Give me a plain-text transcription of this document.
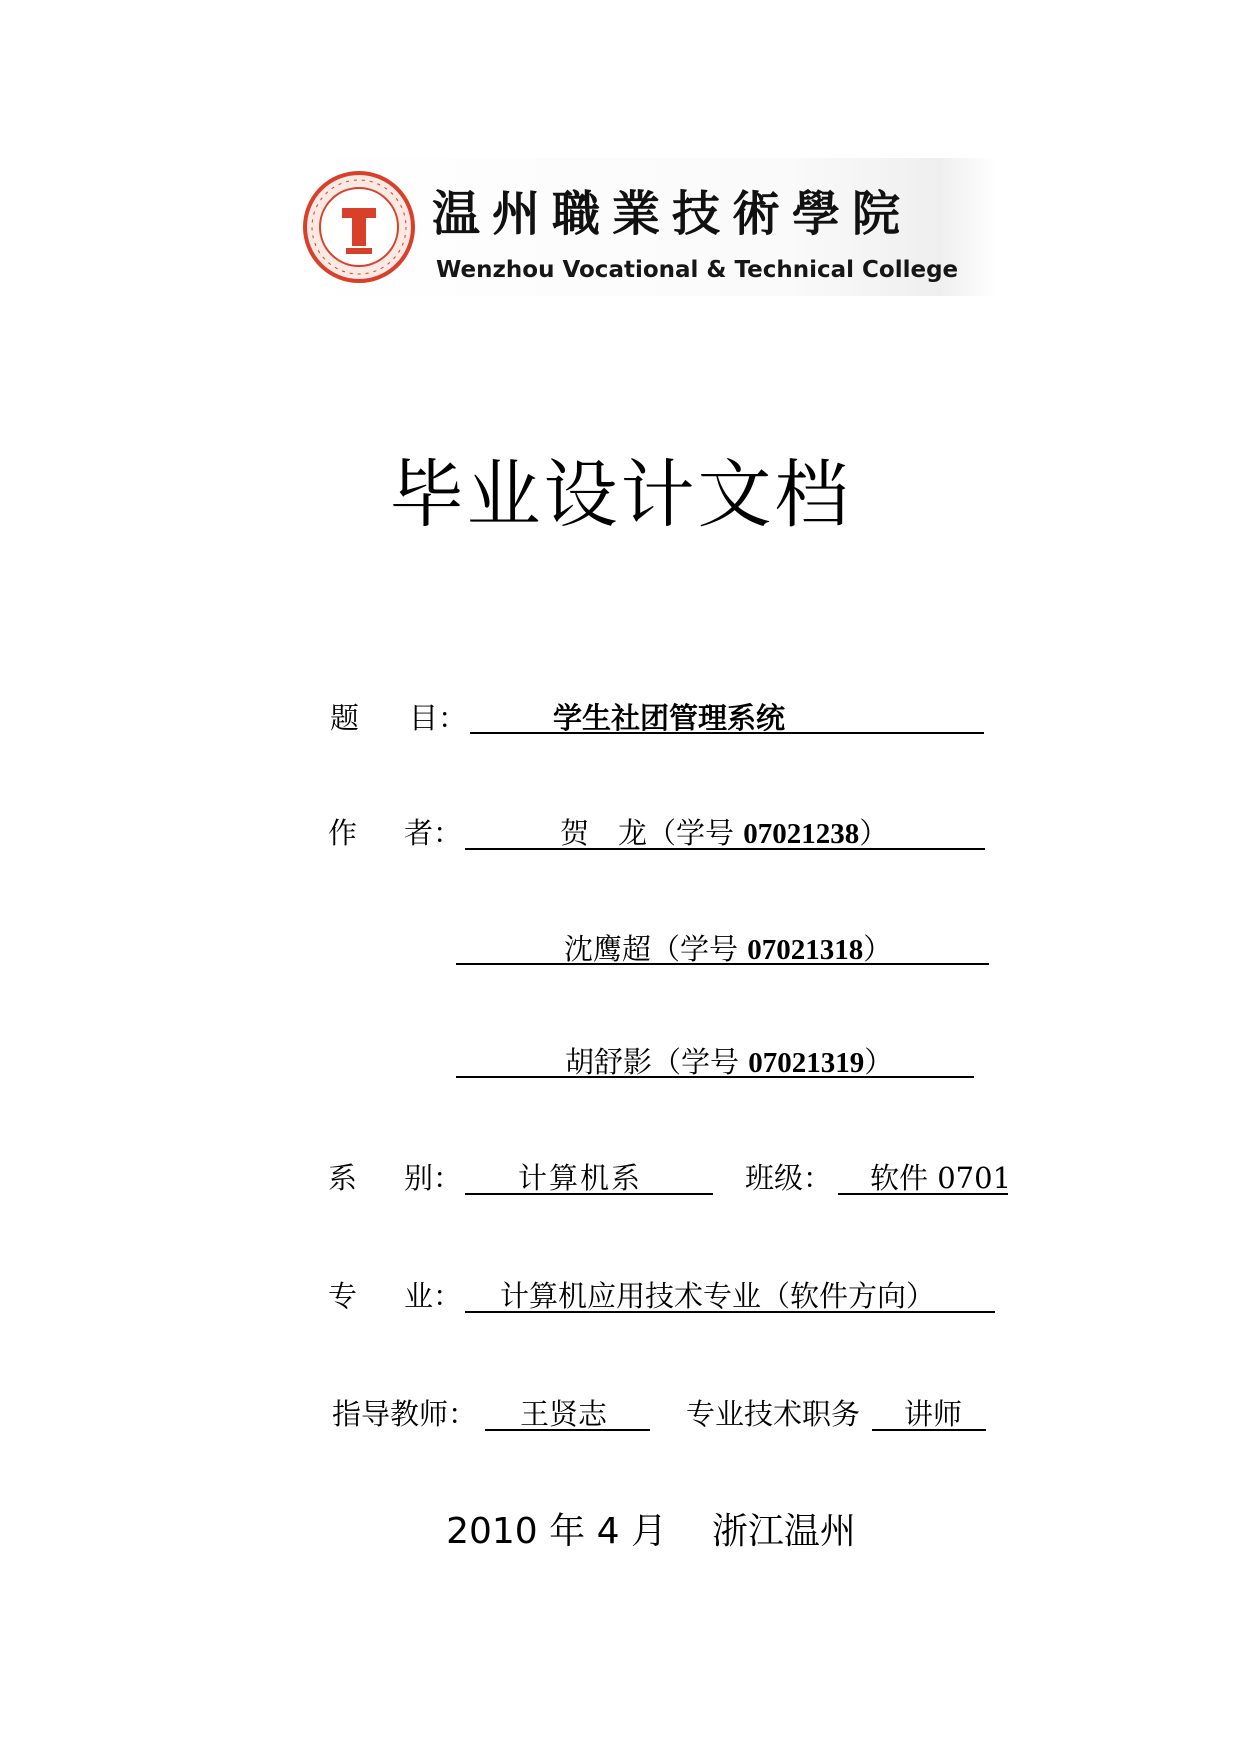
温州職業技術學院
Wenzhou Vocational & Technical College
毕业设计文档
题 目：	学生社团管理系统
作 者：	贺　龙（学号 07021238）
沈鹰超（学号 07021318）
胡舒影（学号 07021319）
系 别： 计算机系	班级： 软件 0701
专 业： 计算机应用技术专业（软件方向）
指导教师： 王贤志	专业技术职务 讲师
2010 年 4 月 浙江温州
